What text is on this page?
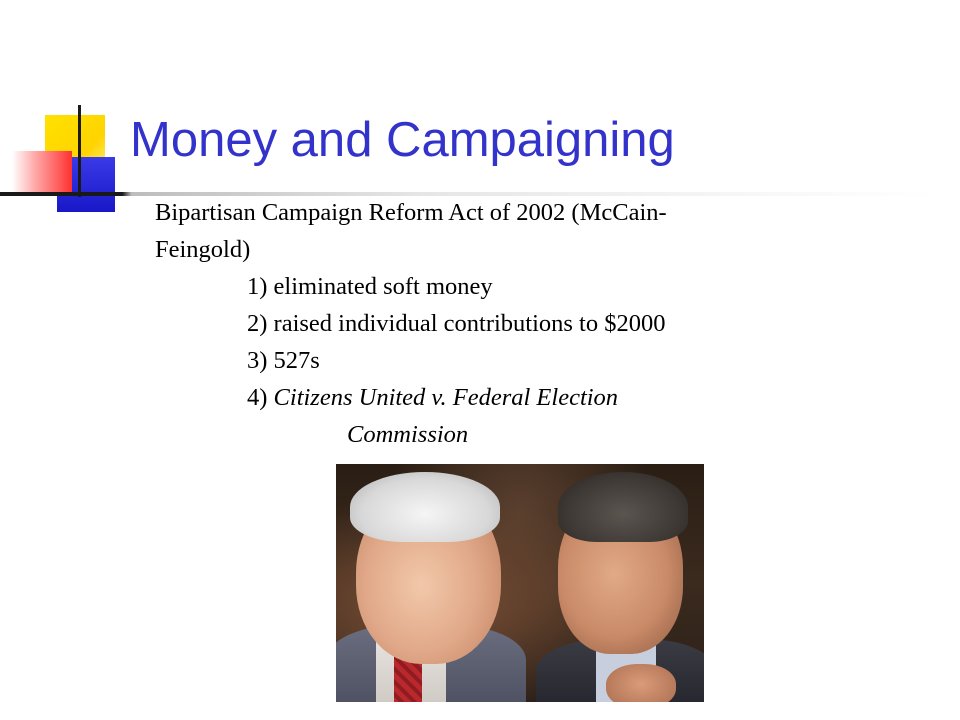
Money and Campaigning
Bipartisan Campaign Reform Act of 2002 (McCain-
Feingold)
1) eliminated soft money
2) raised individual contributions to $2000
3) 527s
4) Citizens United v. Federal Election
Commission
